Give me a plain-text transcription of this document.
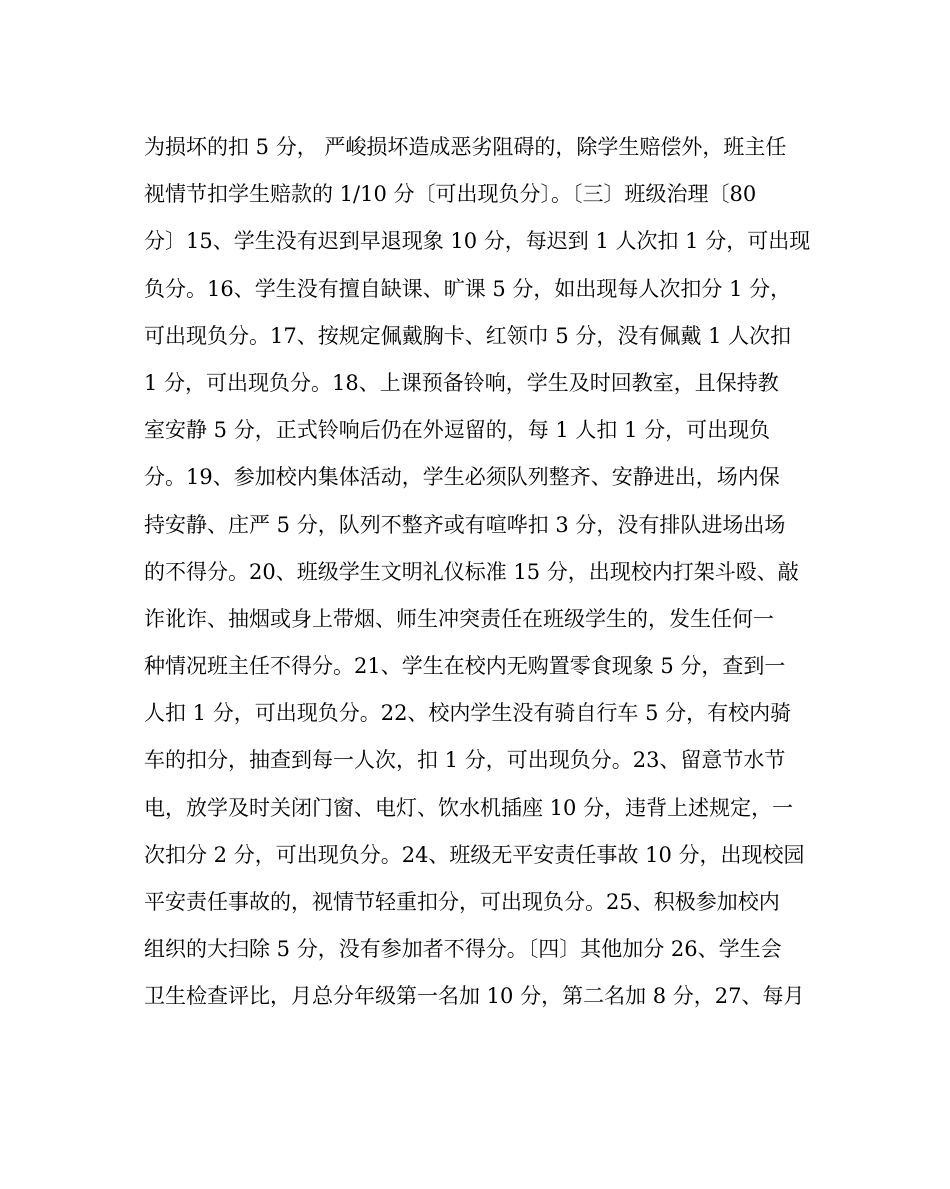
为损坏的扣 5 分， 严峻损坏造成恶劣阻碍的，除学生赔偿外，班主任
视情节扣学生赔款的 1/10 分〔可出现负分〕。〔三〕班级治理〔80
分〕15、学生没有迟到早退现象 10 分，每迟到 1 人次扣 1 分，可出现
负分。16、学生没有擅自缺课、旷课 5 分，如出现每人次扣分 1 分，
可出现负分。17、按规定佩戴胸卡、红领巾 5 分，没有佩戴 1 人次扣
1 分，可出现负分。18、上课预备铃响，学生及时回教室，且保持教
室安静 5 分，正式铃响后仍在外逗留的，每 1 人扣 1 分，可出现负
分。19、参加校内集体活动，学生必须队列整齐、安静进出，场内保
持安静、庄严 5 分，队列不整齐或有喧哗扣 3 分，没有排队进场出场
的不得分。20、班级学生文明礼仪标准 15 分，出现校内打架斗殴、敲
诈讹诈、抽烟或身上带烟、师生冲突责任在班级学生的，发生任何一
种情况班主任不得分。21、学生在校内无购置零食现象 5 分，查到一
人扣 1 分，可出现负分。22、校内学生没有骑自行车 5 分，有校内骑
车的扣分，抽查到每一人次，扣 1 分，可出现负分。23、留意节水节
电，放学及时关闭门窗、电灯、饮水机插座 10 分，违背上述规定，一
次扣分 2 分，可出现负分。24、班级无平安责任事故 10 分，出现校园
平安责任事故的，视情节轻重扣分，可出现负分。25、积极参加校内
组织的大扫除 5 分，没有参加者不得分。〔四〕其他加分 26、学生会
卫生检查评比，月总分年级第一名加 10 分，第二名加 8 分，27、每月
